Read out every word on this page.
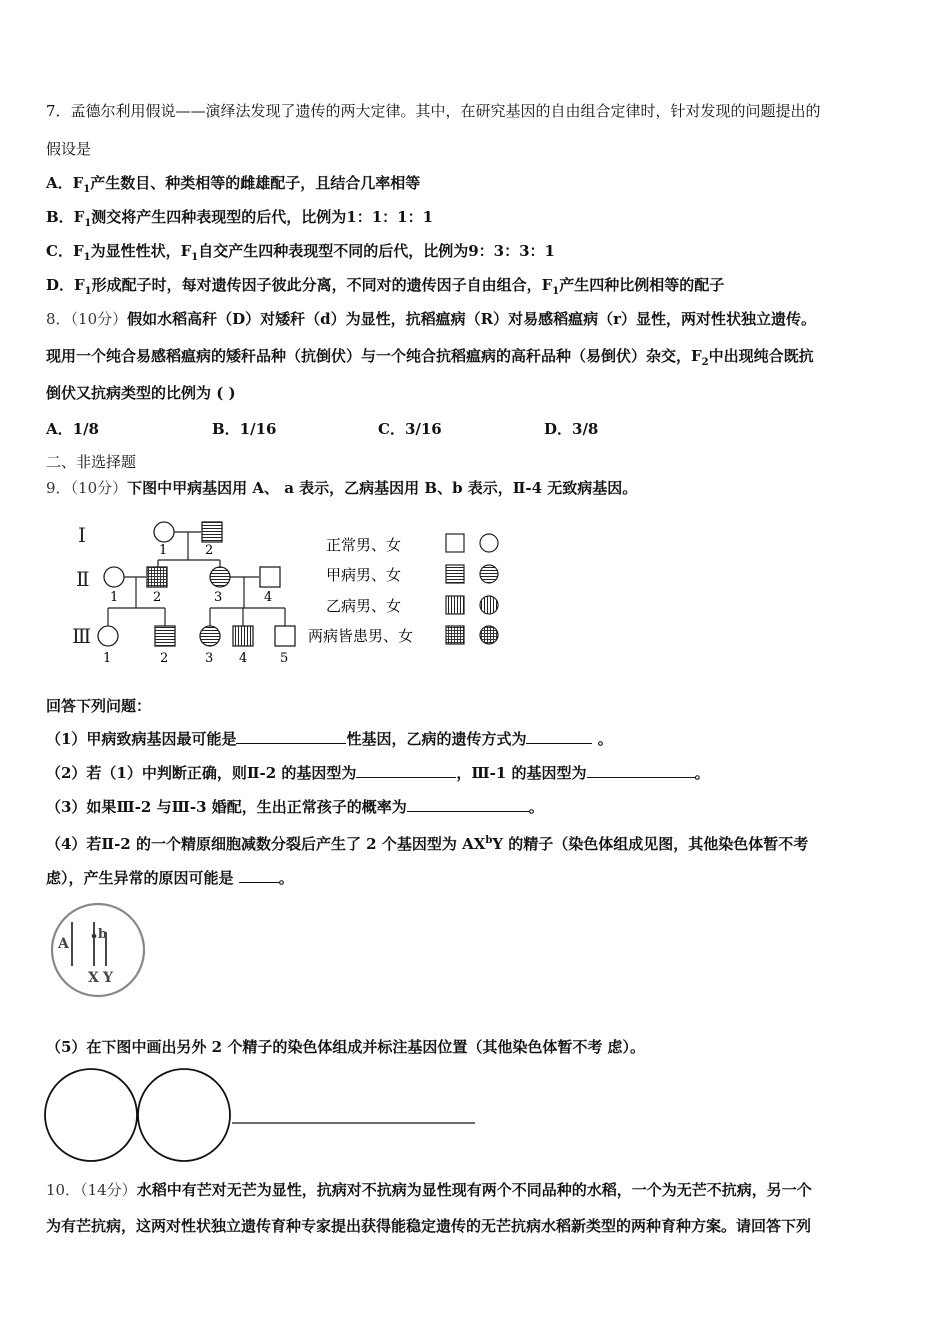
7．孟德尔利用假说——演绎法发现了遗传的两大定律。其中，在研究基因的自由组合定律时，针对发现的问题提出的
假设是
A．$F_1$产生数目、种类相等的雌雄配子，且结合几率相等
B．$F_1$测交将产生四种表现型的后代，比例为1：1：1：1
C．$F_1$为显性性状，$F_1$自交产生四种表现型不同的后代，比例为9：3：3：1
D．$F_1$形成配子时，每对遗传因子彼此分离，不同对的遗传因子自由组合，$F_1$产生四种比例相等的配子
8．（10分）假如水稻高秆（D）对矮秆（d）为显性，抗稻瘟病（R）对易感稻瘟病（r）显性，两对性状独立遗传。
现用一个纯合易感稻瘟病的矮秆品种（抗倒伏）与一个纯合抗稻瘟病的高秆品种（易倒伏）杂交，$F_2$中出现纯合既抗
倒伏又抗病类型的比例为 ( )
A．1/8	B．1/16	C．3/16	D．3/8
二、非选择题
9．（10分）下图中甲病基因用 A、 a 表示，乙病基因用 B、b 表示，Ⅱ-4 无致病基因。
Ⅰ
Ⅱ
Ⅲ
1	2
1	2	3	4
1	2	3 4	5
正常男、女
甲病男、女
乙病男、女
两病皆患男、女
回答下列问题：
（1）甲病致病基因最可能是	性基因，乙病的遗传方式为	。
（2）若（1）中判断正确，则Ⅱ-2 的基因型为	，Ⅲ-1 的基因型为	。
（3）如果Ⅲ-2 与Ⅲ-3 婚配，生出正常孩子的概率为	。
（4）若Ⅱ-2 的一个精原细胞减数分裂后产生了 2 个基因型为 $AX^bY$ 的精子（染色体组成见图，其他染色体暂不考
虑），产生异常的原因可能是	。
A
b
X Y
（5）在下图中画出另外 2 个精子的染色体组成并标注基因位置（其他染色体暂不考 虑）。
10．（14分）水稻中有芒对无芒为显性，抗病对不抗病为显性现有两个不同品种的水稻，一个为无芒不抗病，另一个
为有芒抗病，这两对性状独立遗传育种专家提出获得能稳定遗传的无芒抗病水稻新类型的两种育种方案。请回答下列
